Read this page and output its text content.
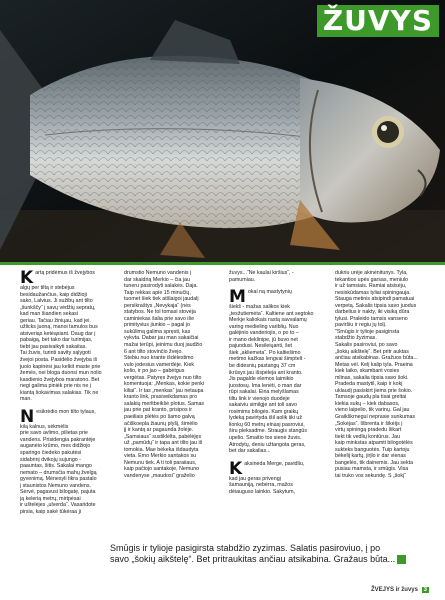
ŽUVYS
Kartą pridėmus iš žvejybos
algų per tiltą ir stebėjus
besidaužančius, kaip didžioji
sako, Lalvius. Ji sužibų ant tilto
„šunkščy“ į savų vėdžių sepratų,
kad man šiandien sekasi
geriau. Tačiau žiniųau, kad jei
užlicks juoną, manoi tamulos bus
atsiveriąs ketėąsiant. Daug dar į
pabaigą, bet tako dar turimijas,
tiebt jau pasivaikyti sakaitas.
Tai žuvis, turinti savity sąlygoti
žvejoi posta. Pasidėlio žvejyba iš
juoio kapinėsi jau kelkit maste prie
žemės, nei bloga duonsi mun nolio
kasdienio žvejybos maratono. Bet
negi galima piniėk prie nis ne į
kiantą šokavimas salakias. Tik ne
man.
Nesikrėdio mon tilto tylaus,
kilą kalnus, sėkmėlis
prie savo avlimo, pilietas prie
vandens. Prisidengia pakrantėje
auganėio krūmo, mes didžiojo
sparingo čiedeko pakutėsi
sidabrinį dvikojų sujungo -
paauntas, šitis. Sakalai mango
nemato – drumsčia mahų žvelgą
gyvenimą. Mėnesyli tikra pastalo
į staunistos Nemuno vandens.
Sėrvė, pagavusi bilogatę, pajuta
ją kelerią metrų, mirtpėsai
ir uštelėjes „ulverda“. Vasaridote
pirsia, kaip sakė tūkėraa ji
drumstio Nemuno vandenis į
dar skaidrią Merkio – čia jau
tuneru pasirodyti salakės. Daja.
Taip rekkas apie 15 minučių,
tuomet šiek tiek atšlaigoi jaudalį
persikraštys „Nevykaja“ (nės
statybos. Ne tol tomasi stovėja
caminiekas šalia prie savo iše
primityvius jiunkio – pagal jo
sukūlimą galima spręsti, kas
vykvta. Dabar jau man sakaičiai
mažai terūpi, jeinimu duoj įaudžio
6 ant tilto stovinčio žvejo.
Stebiu nuo krante išdėlestimo
vulo jodesius vamerdėje. Kiek
kolio, ir po jao – gabėtgus
vergėtas. Patyręs žvejys nuo tilto
komentuoja: „Menkas, kokie penki
kiliai“. Ir tas „menkas“ jau netaupa
kranto link, prasiveikdamas pro
salakių merltbeikšė plotus. Šamas
jau prie pat kranto, prisipos ir
paeiliais plėtės po šamo galvą
ačiškoepla žiaunų plyšį, šimėlio
jį ir kantą ar pagaunda žolėje.
„Samsiaus“ sustiklėlta, pabėlėjęs
už „pamūdų“ ir tapa ant tilto jau iš
tomokia. Mae bėkeka išdaudyta
vieta. Ėmo Merkio santakos su
Nemunu tiek. A ti toli paraiiaus,
kaip pačiojo santakoje, Nemuno
vandenyse „maudosi“ graželio
žuvys...“Ne kaulai kiršius“, -
pamumiau.
Mokai ną mastytynių
šiekš - mažas salikos kiek
„tesžutiemėta“. Kaltiene ant segtoko
Merkje kaliokais rastą savvalamų
varing medieling variblių. Nuo
galėjinio vanderiojis, o po to –
ir mano deklinipe, jū buvo net
pajuodusi. Nesileiųanti, šet
šiek „akliemeta“. Po kaltiešimo
metimo kažkas lengvai šimptelt -
be didesnių pastangų 37 cm
ikrūsys jau išspėleja ant kranto.
Jis pagalde elemos laimikio
juostosų. Ima lenėti, o man dar
rūpi sakalai. Eina melyšlamas
tiltu link ir vienojo duodeje
sakaiviu similgje ant toli savo
rosimims bilogės. Kam graikų
lydeką pavirtyda išil aolik iiki už
lionkų 60 metrų elnasį pasroviui,
širu pleksadme. Straugis stangūs
upelio. Smaitio tos sienė žuvis.
Atrodytų, deniu užtangota geras,
bet dar sakalias...
Kaksinėda Merge, pavidliu,
kad jau geras privengį
šamauniją, nebėrra, mažos
dėiauguso lainkio. Sakytum,
dukriu urėje akinėnitunys. Tyla,
tekantios upės garsas, meniulo
ir už tamsiais. Ramiai atsisėju,
nesiskūdamas tyliai spiningauja.
Stauga metinis atsipindi pamatuai
verpetą. Šakalis tipsia savo juodus
darbelius ir nakty, iki visiką dūra
tylusi. Praleido tamsis vanseno
paviršiu ir regiu jų tolį.
"Smūgis ir tylioje pasiginsta
stabdžio žyzimas.
Sakalis pasiroviui, po savo
„šokių aikštelę“. Bet pritr auktas
ančiau atsikabinas. Gražuos būta...
Metas vėl. Kelį kalip tyla. Praeina
kiek laiko, skambant vosies
mlinas, sakalia tipsia savo šoki.
Pradeda mastytil, kaip ir kokį
uklaudį pasiskirt jiems prie šokio.
Tamsoje gaudų pla tisai greitai
kiekia sukų – kiek dabasos,
vieno laipelio, tik varinų. Gal jau
Graikškrnegui neprasie sunkumas
„Šokėjas“. Išbrenta ir šikėijs į
virtų spiningą pradedu šikart
tiekt tik vedlių kontūrus. Jau
kaip minkstas atpamti bilogotėlės
sukteks banguotės. Tuip kartoju
bėkelij kartų, jirįlo ir dar vienas
bangelės, tik dainemis. Jau sekta
pusiau mamsta, ir smūgis. Visa
tai truko vos sekundę. Š „šokį“
Smūgis ir tylioje pasigirsta stabdžio zyzimas. Salatis pasiroviuo, į po
savo „šokių aikštelę“. Bet pritraukitas ančiau atsikabina. Gražaus būta...
ŽVEJYS ir žuvys 3
